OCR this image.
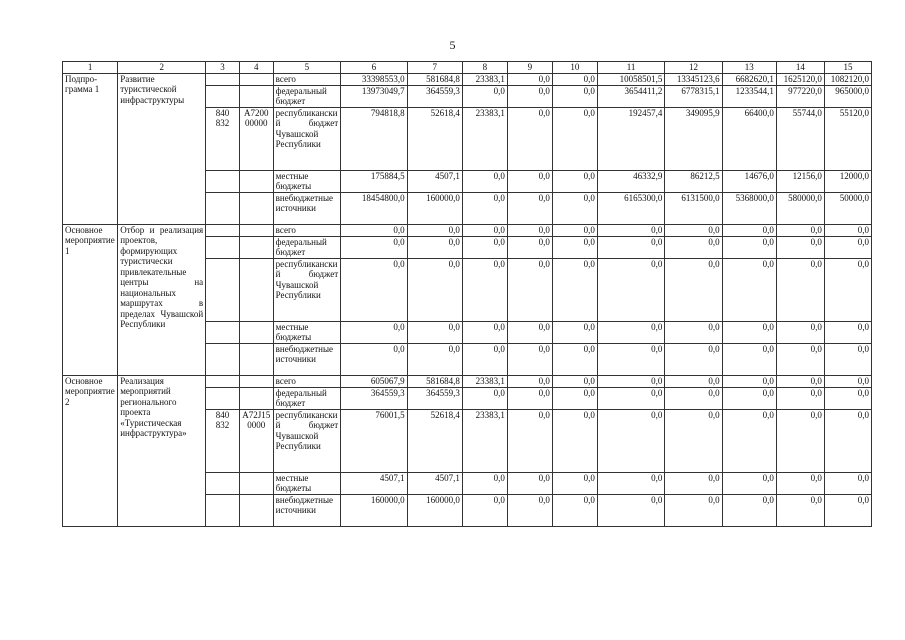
5
1	2	3	4	5	6	7	8	9	10	11	12	13	14	15
Подпро-грамма 1	Развитие туристической инфраструктуры			всего	33398553,0	581684,8	23383,1	0,0	0,0	10058501,5	13345123,6	6682620,1	1625120,0	1082120,0
				федеральный бюджет	13973049,7	364559,3	0,0	0,0	0,0	3654411,2	6778315,1	1233544,1	977220,0	965000,0
		840 832	А720000000	республиканский бюджет Чувашской Республики	794818,8	52618,4	23383,1	0,0	0,0	192457,4	349095,9	66400,0	55744,0	55120,0
				местные бюджеты	175884,5	4507,1	0,0	0,0	0,0	46332,9	86212,5	14676,0	12156,0	12000,0
				внебюджетные источники	18454800,0	160000,0	0,0	0,0	0,0	6165300,0	6131500,0	5368000,0	580000,0	50000,0
Основное мероприятие 1	Отбор и реализация проектов, формирующих туристически привлекательные центры на национальных маршрутах в пределах Чувашской Республики			всего	0,0	0,0	0,0	0,0	0,0	0,0	0,0	0,0	0,0	0,0
				федеральный бюджет	0,0	0,0	0,0	0,0	0,0	0,0	0,0	0,0	0,0	0,0
				республиканский бюджет Чувашской Республики	0,0	0,0	0,0	0,0	0,0	0,0	0,0	0,0	0,0	0,0
				местные бюджеты	0,0	0,0	0,0	0,0	0,0	0,0	0,0	0,0	0,0	0,0
				внебюджетные источники	0,0	0,0	0,0	0,0	0,0	0,0	0,0	0,0	0,0	0,0
Основное мероприятие 2	Реализация мероприятий регионального проекта «Туристическая инфраструктура»			всего	605067,9	581684,8	23383,1	0,0	0,0	0,0	0,0	0,0	0,0	0,0
				федеральный бюджет	364559,3	364559,3	0,0	0,0	0,0	0,0	0,0	0,0	0,0	0,0
		840 832	А72J150000	республиканский бюджет Чувашской Республики	76001,5	52618,4	23383,1	0,0	0,0	0,0	0,0	0,0	0,0	0,0
				местные бюджеты	4507,1	4507,1	0,0	0,0	0,0	0,0	0,0	0,0	0,0	0,0
				внебюджетные источники	160000,0	160000,0	0,0	0,0	0,0	0,0	0,0	0,0	0,0	0,0
